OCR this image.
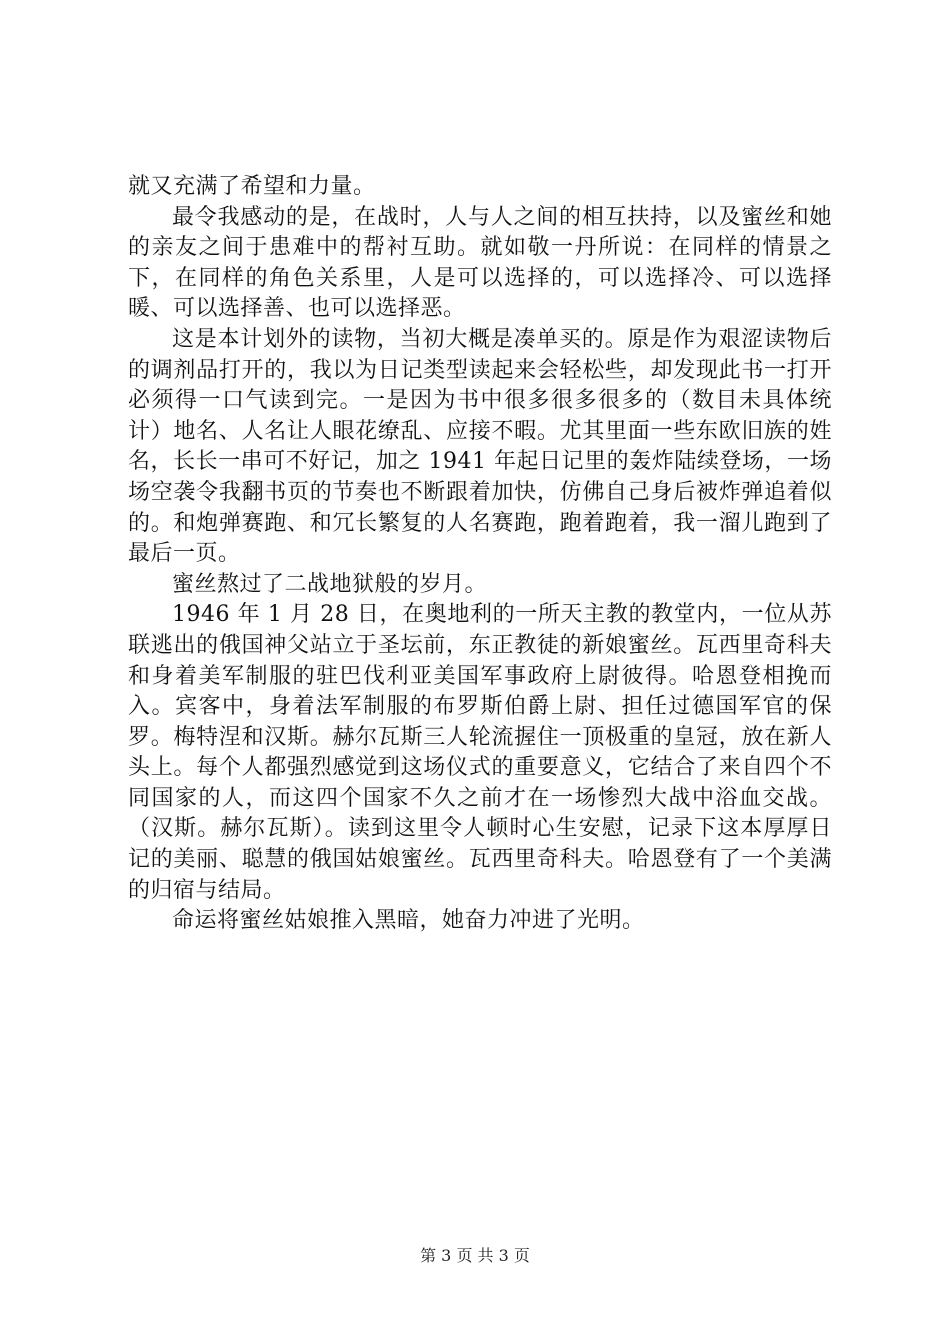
就又充满了希望和力量。

最令我感动的是，在战时，人与人之间的相互扶持，以及蜜丝和她的亲友之间于患难中的帮衬互助。就如敬一丹所说：在同样的情景之下，在同样的角色关系里，人是可以选择的，可以选择冷、可以选择暖、可以选择善、也可以选择恶。

这是本计划外的读物，当初大概是凑单买的。原是作为艰涩读物后的调剂品打开的，我以为日记类型读起来会轻松些，却发现此书一打开必须得一口气读到完。一是因为书中很多很多很多的（数目未具体统计）地名、人名让人眼花缭乱、应接不暇。尤其里面一些东欧旧族的姓名，长长一串可不好记，加之 1941 年起日记里的轰炸陆续登场，一场场空袭令我翻书页的节奏也不断跟着加快，仿佛自己身后被炸弹追着似的。和炮弹赛跑、和冗长繁复的人名赛跑，跑着跑着，我一溜儿跑到了最后一页。

蜜丝熬过了二战地狱般的岁月。

1946 年 1 月 28 日，在奥地利的一所天主教的教堂内，一位从苏联逃出的俄国神父站立于圣坛前，东正教徒的新娘蜜丝。瓦西里奇科夫和身着美军制服的驻巴伐利亚美国军事政府上尉彼得。哈恩登相挽而入。宾客中，身着法军制服的布罗斯伯爵上尉、担任过德国军官的保罗。梅特涅和汉斯。赫尔瓦斯三人轮流握住一顶极重的皇冠，放在新人头上。每个人都强烈感觉到这场仪式的重要意义，它结合了来自四个不同国家的人，而这四个国家不久之前才在一场惨烈大战中浴血交战。（汉斯。赫尔瓦斯）。读到这里令人顿时心生安慰，记录下这本厚厚日记的美丽、聪慧的俄国姑娘蜜丝。瓦西里奇科夫。哈恩登有了一个美满的归宿与结局。

命运将蜜丝姑娘推入黑暗，她奋力冲进了光明。

第 3 页 共 3 页
